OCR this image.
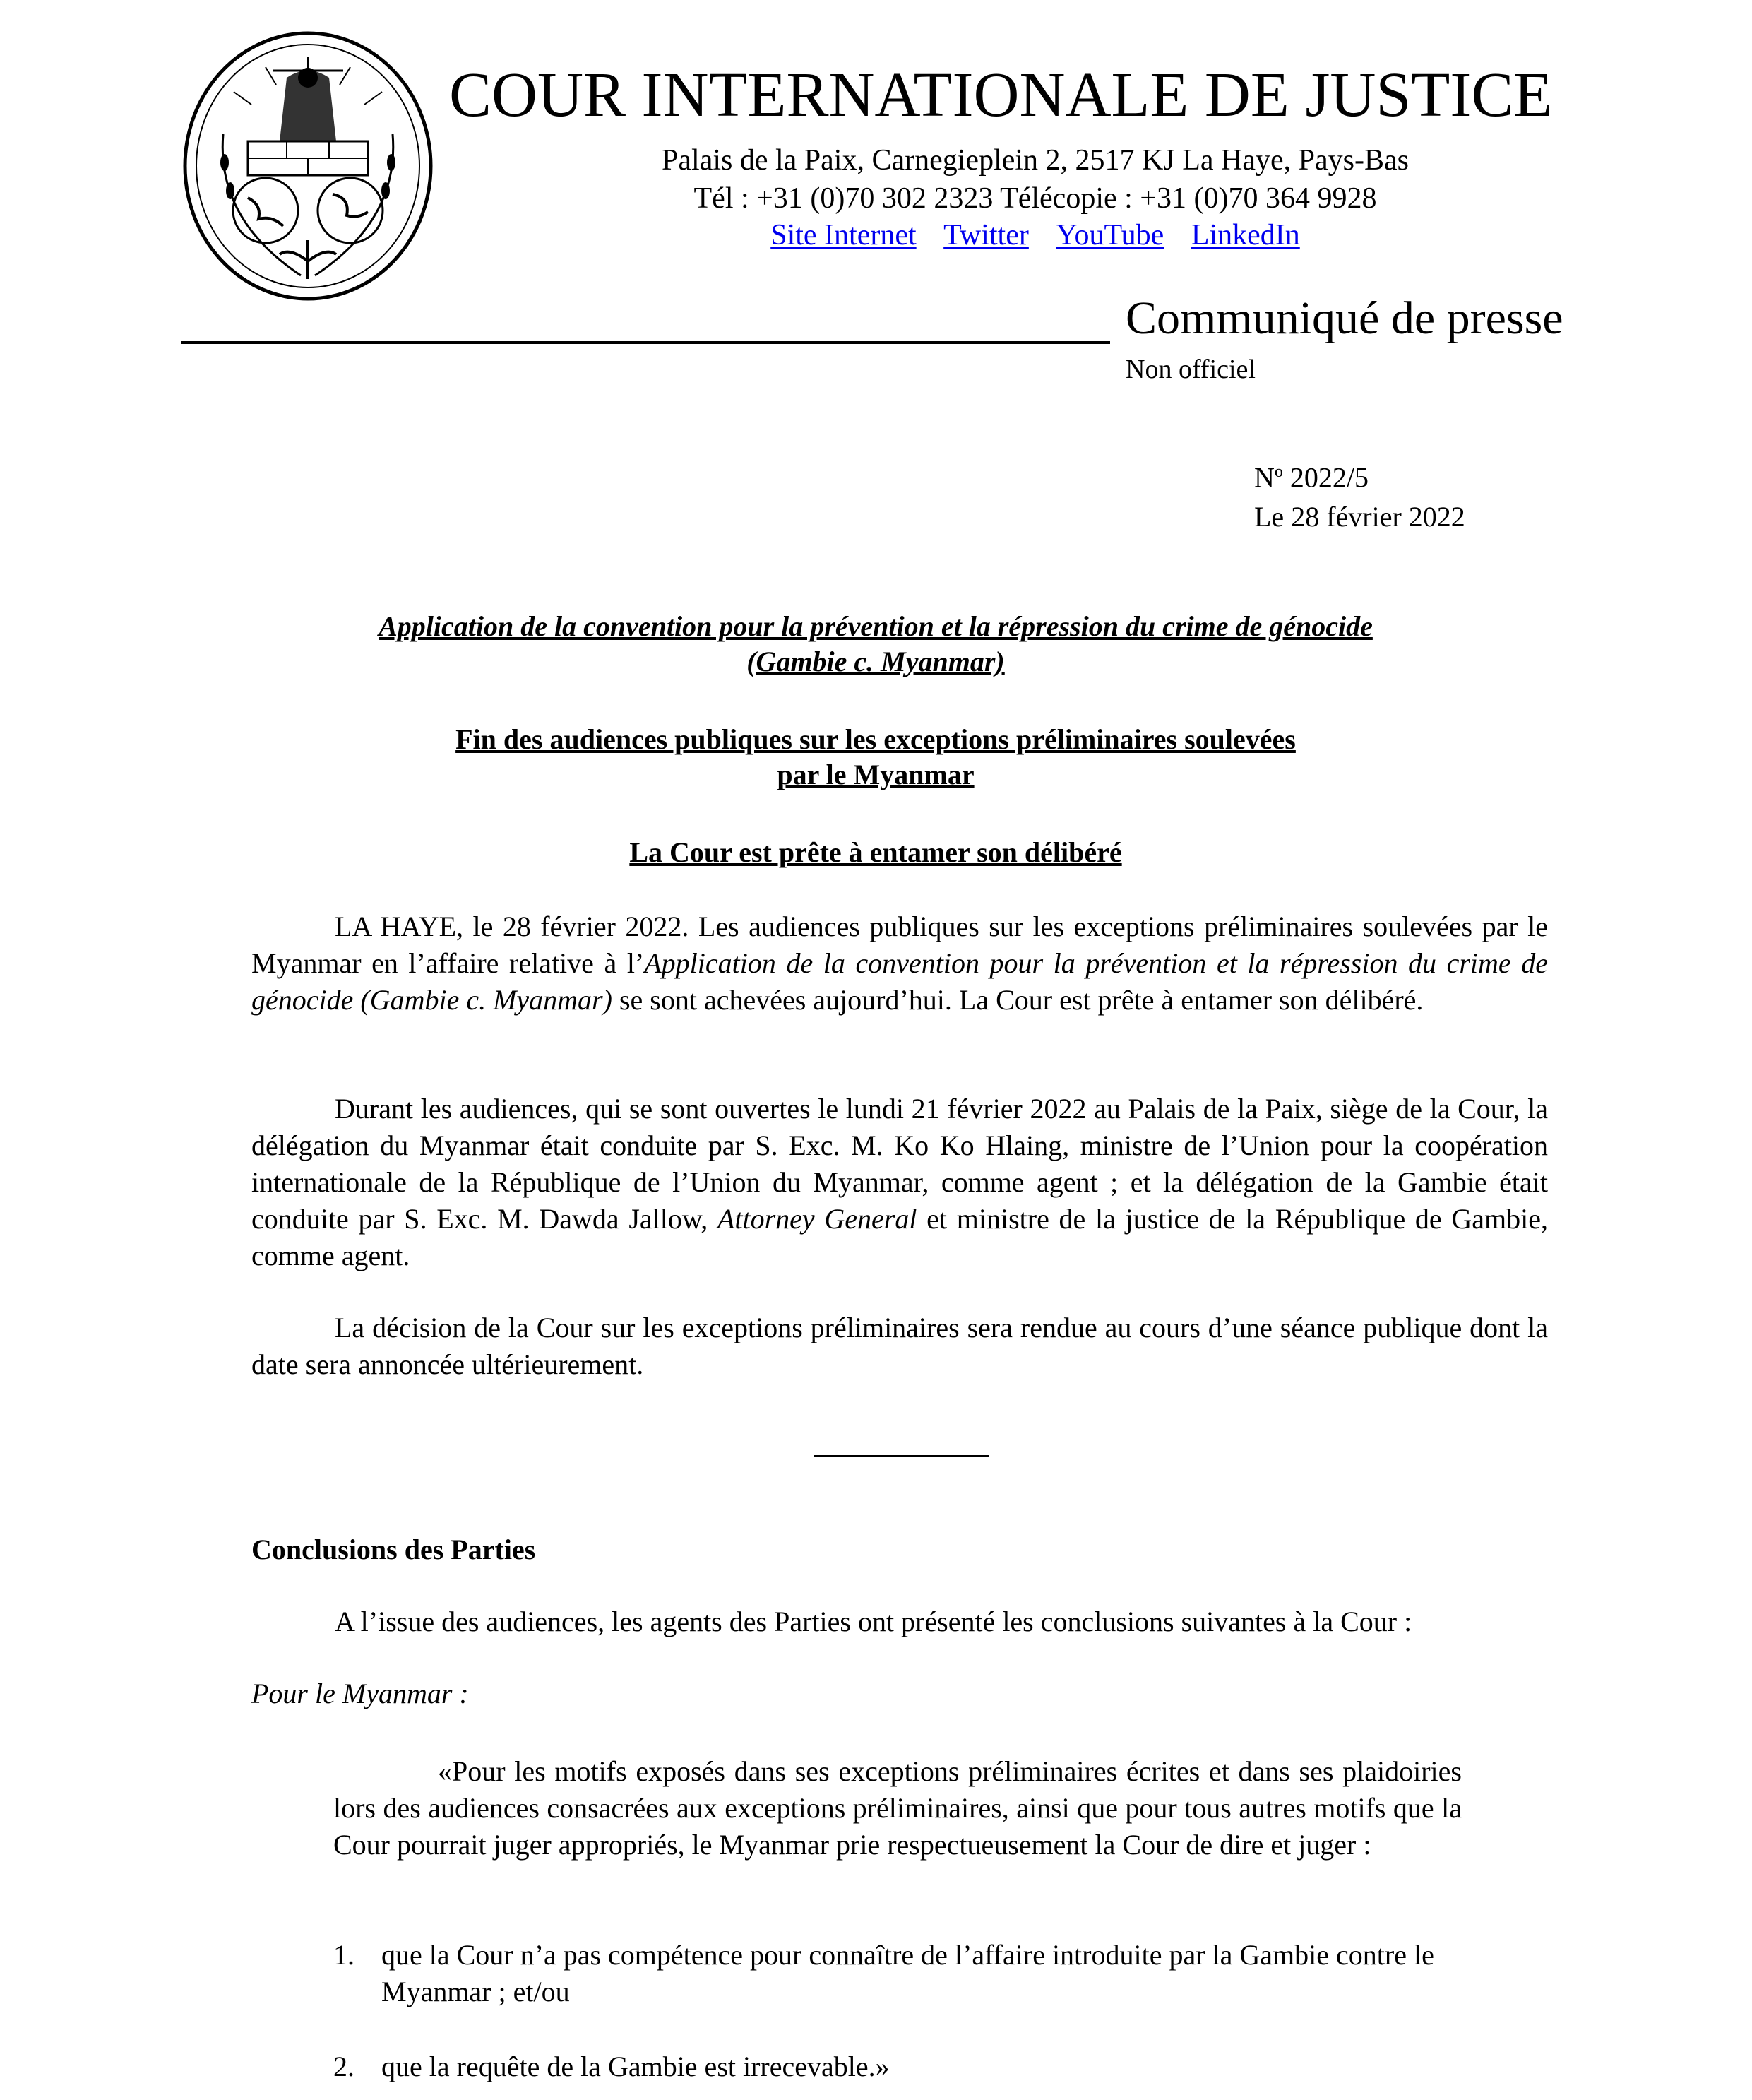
COUR INTERNATIONALE DE JUSTICE
Palais de la Paix, Carnegieplein 2, 2517 KJ La Haye, Pays-Bas
Tél : +31 (0)70 302 2323 Télécopie : +31 (0)70 364 9928
Site Internet Twitter YouTube LinkedIn
Communiqué de presse
Non officiel
$N^o$ 2022/5
Le 28 février 2022
Application de la convention pour la prévention et la répression du crime de génocide
(Gambie c. Myanmar)
Fin des audiences publiques sur les exceptions préliminaires soulevées
par le Myanmar
La Cour est prête à entamer son délibéré
LA HAYE, le 28 février 2022. Les audiences publiques sur les exceptions préliminaires soulevées par le Myanmar en l’affaire relative à l’Application de la convention pour la prévention et la répression du crime de génocide (Gambie c. Myanmar) se sont achevées aujourd’hui. La Cour est prête à entamer son délibéré.
Durant les audiences, qui se sont ouvertes le lundi 21 février 2022 au Palais de la Paix, siège de la Cour, la délégation du Myanmar était conduite par S. Exc. M. Ko Ko Hlaing, ministre de l’Union pour la coopération internationale de la République de l’Union du Myanmar, comme agent ; et la délégation de la Gambie était conduite par S. Exc. M. Dawda Jallow, Attorney General et ministre de la justice de la République de Gambie, comme agent.
La décision de la Cour sur les exceptions préliminaires sera rendue au cours d’une séance publique dont la date sera annoncée ultérieurement.
Conclusions des Parties
A l’issue des audiences, les agents des Parties ont présenté les conclusions suivantes à la Cour :
Pour le Myanmar :
«Pour les motifs exposés dans ses exceptions préliminaires écrites et dans ses plaidoiries lors des audiences consacrées aux exceptions préliminaires, ainsi que pour tous autres motifs que la Cour pourrait juger appropriés, le Myanmar prie respectueusement la Cour de dire et juger :
1. que la Cour n’a pas compétence pour connaître de l’affaire introduite par la Gambie contre le Myanmar ; et/ou
2. que la requête de la Gambie est irrecevable.»
